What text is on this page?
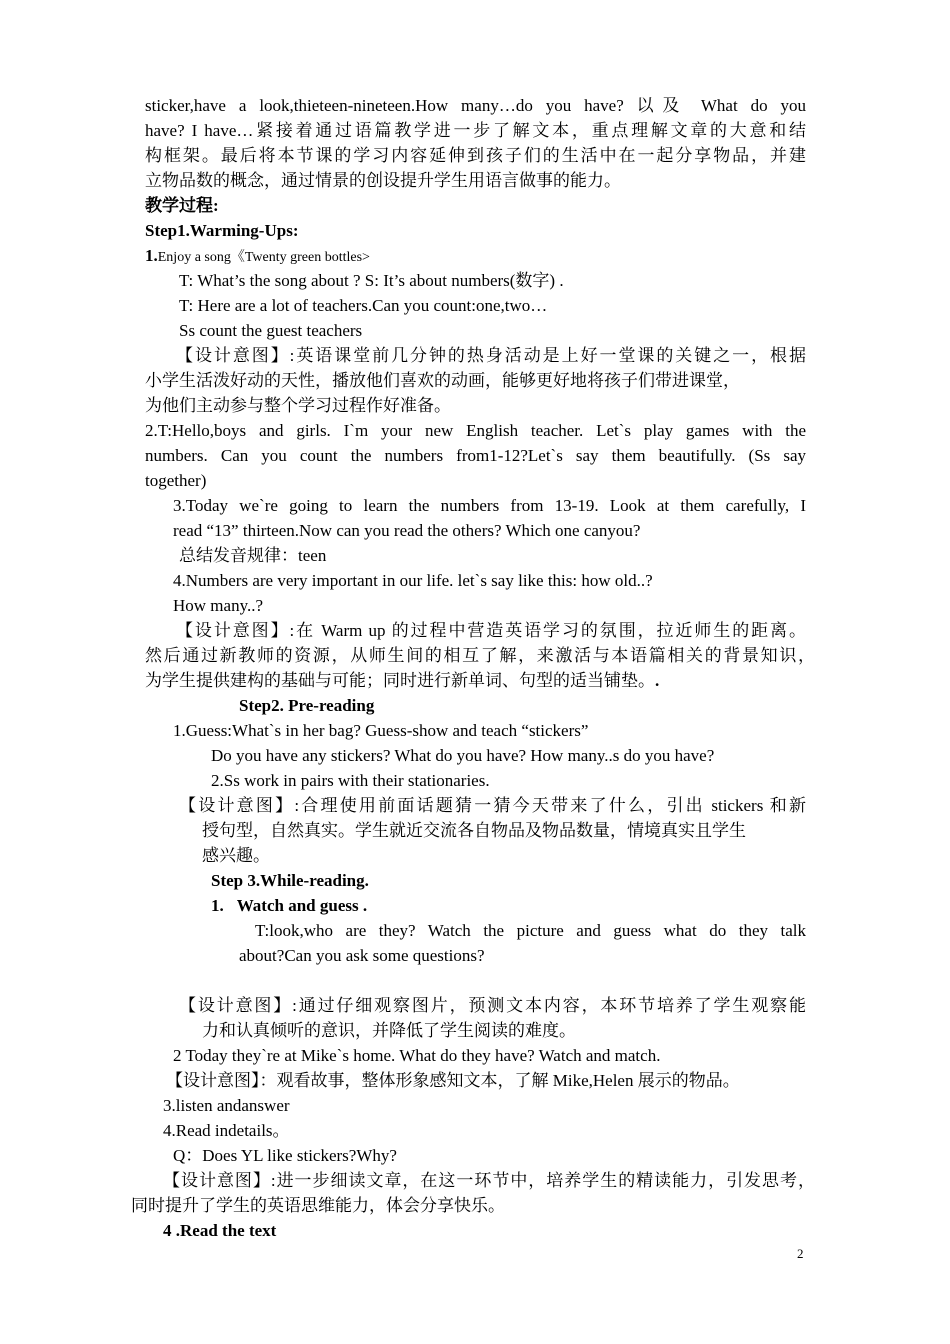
sticker,have a look,thieteen-nineteen.How many…do you have? 以及 What do you
have? I have…紧接着通过语篇教学进一步了解文本，重点理解文章的大意和结
构框架。最后将本节课的学习内容延伸到孩子们的生活中在一起分享物品，并建
立物品数的概念，通过情景的创设提升学生用语言做事的能力。
教学过程:
Step1.Warming-Ups:
1.Enjoy a song《Twenty green bottles>
T: What’s the song about ? S: It’s about numbers(数字) .
T: Here are a lot of teachers.Can you count:one,two…
Ss count the guest teachers
【设计意图】:英语课堂前几分钟的热身活动是上好一堂课的关键之一，根据
小学生活泼好动的天性，播放他们喜欢的动画，能够更好地将孩子们带进课堂，
为他们主动参与整个学习过程作好准备。
2.T:Hello,boys and girls. I`m your new English teacher. Let`s play games with the
numbers. Can you count the numbers from1-12?Let`s say them beautifully. (Ss say
together)
3.Today we`re going to learn the numbers from 13-19. Look at them carefully, I
read “13” thirteen.Now can you read the others? Which one canyou?
总结发音规律：teen
4.Numbers are very important in our life. let`s say like this: how old..?
How many..?
【设计意图】:在 Warm up 的过程中营造英语学习的氛围，拉近师生的距离。
然后通过新教师的资源，从师生间的相互了解，来激活与本语篇相关的背景知识，
为学生提供建构的基础与可能；同时进行新单词、句型的适当铺垫。.
Step2. Pre-reading
1.Guess:What`s in her bag? Guess-show and teach “stickers”
Do you have any stickers? What do you have? How many..s do you have?
2.Ss work in pairs with their stationaries.
【设计意图】:合理使用前面话题猜一猜今天带来了什么，引出 stickers 和新
授句型，自然真实。学生就近交流各自物品及物品数量，情境真实且学生
感兴趣。
Step 3.While-reading.
1. Watch and guess .
T:look,who are they? Watch the picture and guess what do they talk
about?Can you ask some questions?
【设计意图】:通过仔细观察图片，预测文本内容，本环节培养了学生观察能
力和认真倾听的意识，并降低了学生阅读的难度。
2 Today they`re at Mike`s home. What do they have? Watch and match.
【设计意图】：观看故事，整体形象感知文本，了解 Mike,Helen 展示的物品。
3.listen andanswer
4.Read indetails。
Q：Does YL like stickers?Why?
【设计意图】:进一步细读文章，在这一环节中，培养学生的精读能力，引发思考，
同时提升了学生的英语思维能力，体会分享快乐。
4 .Read the text
2
